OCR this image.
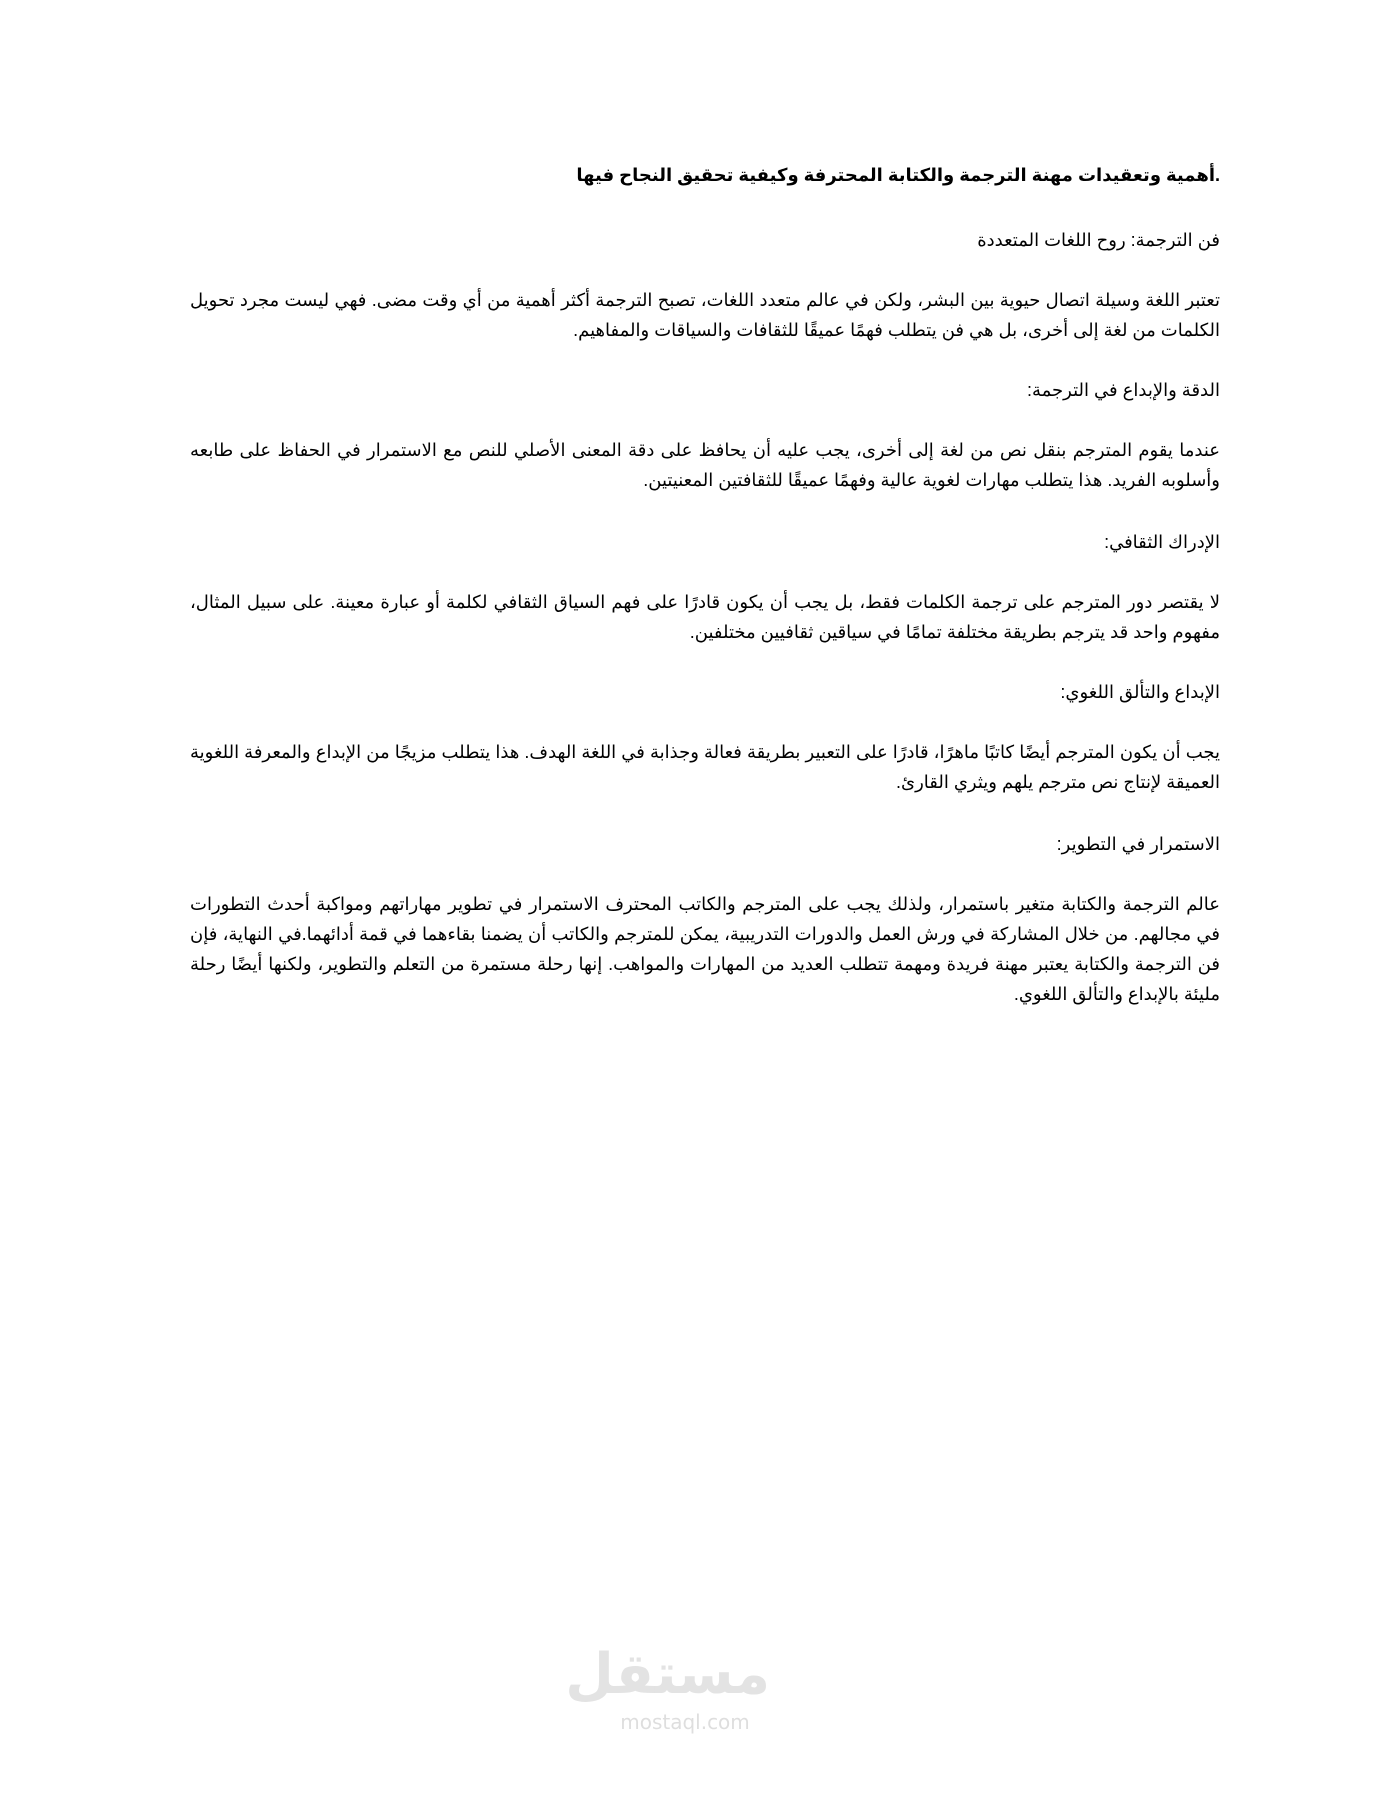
.أهمية وتعقيدات مهنة الترجمة والكتابة المحترفة وكيفية تحقيق النجاح فيها

فن الترجمة: روح اللغات المتعددة

تعتبر اللغة وسيلة اتصال حيوية بين البشر، ولكن في عالم متعدد اللغات، تصبح الترجمة أكثر أهمية من أي وقت مضى. فهي ليست مجرد تحويل الكلمات من لغة إلى أخرى، بل هي فن يتطلب فهمًا عميقًا للثقافات والسياقات والمفاهيم.

الدقة والإبداع في الترجمة:

عندما يقوم المترجم بنقل نص من لغة إلى أخرى، يجب عليه أن يحافظ على دقة المعنى الأصلي للنص مع الاستمرار في الحفاظ على طابعه وأسلوبه الفريد. هذا يتطلب مهارات لغوية عالية وفهمًا عميقًا للثقافتين المعنيتين.

الإدراك الثقافي:

لا يقتصر دور المترجم على ترجمة الكلمات فقط، بل يجب أن يكون قادرًا على فهم السياق الثقافي لكلمة أو عبارة معينة. على سبيل المثال، مفهوم واحد قد يترجم بطريقة مختلفة تمامًا في سياقين ثقافيين مختلفين.

الإبداع والتألق اللغوي:

يجب أن يكون المترجم أيضًا كاتبًا ماهرًا، قادرًا على التعبير بطريقة فعالة وجذابة في اللغة الهدف. هذا يتطلب مزيجًا من الإبداع والمعرفة اللغوية العميقة لإنتاج نص مترجم يلهم ويثري القارئ.

الاستمرار في التطوير:

عالم الترجمة والكتابة متغير باستمرار، ولذلك يجب على المترجم والكاتب المحترف الاستمرار في تطوير مهاراتهم ومواكبة أحدث التطورات في مجالهم. من خلال المشاركة في ورش العمل والدورات التدريبية، يمكن للمترجم والكاتب أن يضمنا بقاءهما في قمة أدائهما.في النهاية، فإن فن الترجمة والكتابة يعتبر مهنة فريدة ومهمة تتطلب العديد من المهارات والمواهب. إنها رحلة مستمرة من التعلم والتطوير، ولكنها أيضًا رحلة مليئة بالإبداع والتألق اللغوي.

مستقل
mostaql.com
